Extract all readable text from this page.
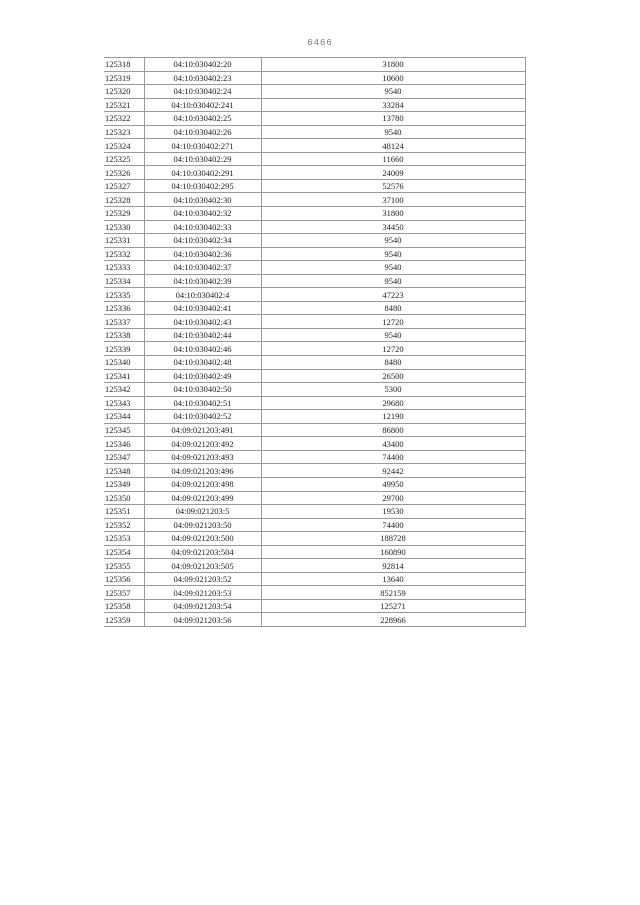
6466
125318	04:10:030402:20	31800
125319	04:10:030402:23	10600
125320	04:10:030402:24	9540
125321	04:10:030402:241	33284
125322	04:10:030402:25	13780
125323	04:10:030402:26	9540
125324	04:10:030402:271	48124
125325	04:10:030402:29	11660
125326	04:10:030402:291	24009
125327	04:10:030402:295	52576
125328	04:10:030402:30	37100
125329	04:10:030402:32	31800
125330	04:10:030402:33	34450
125331	04:10:030402:34	9540
125332	04:10:030402:36	9540
125333	04:10:030402:37	9540
125334	04:10:030402:39	9540
125335	04:10:030402:4	47223
125336	04:10:030402:41	8480
125337	04:10:030402:43	12720
125338	04:10:030402:44	9540
125339	04:10:030402:46	12720
125340	04:10:030402:48	8480
125341	04:10:030402:49	26500
125342	04:10:030402:50	5300
125343	04:10:030402:51	29680
125344	04:10:030402:52	12190
125345	04:09:021203:491	86800
125346	04:09:021203:492	43400
125347	04:09:021203:493	74400
125348	04:09:021203:496	92442
125349	04:09:021203:498	49950
125350	04:09:021203:499	29700
125351	04:09:021203:5	19530
125352	04:09:021203:50	74400
125353	04:09:021203:500	188728
125354	04:09:021203:504	160890
125355	04:09:021203:505	92814
125356	04:09:021203:52	13640
125357	04:09:021203:53	852159
125358	04:09:021203:54	125271
125359	04:09:021203:56	228966
